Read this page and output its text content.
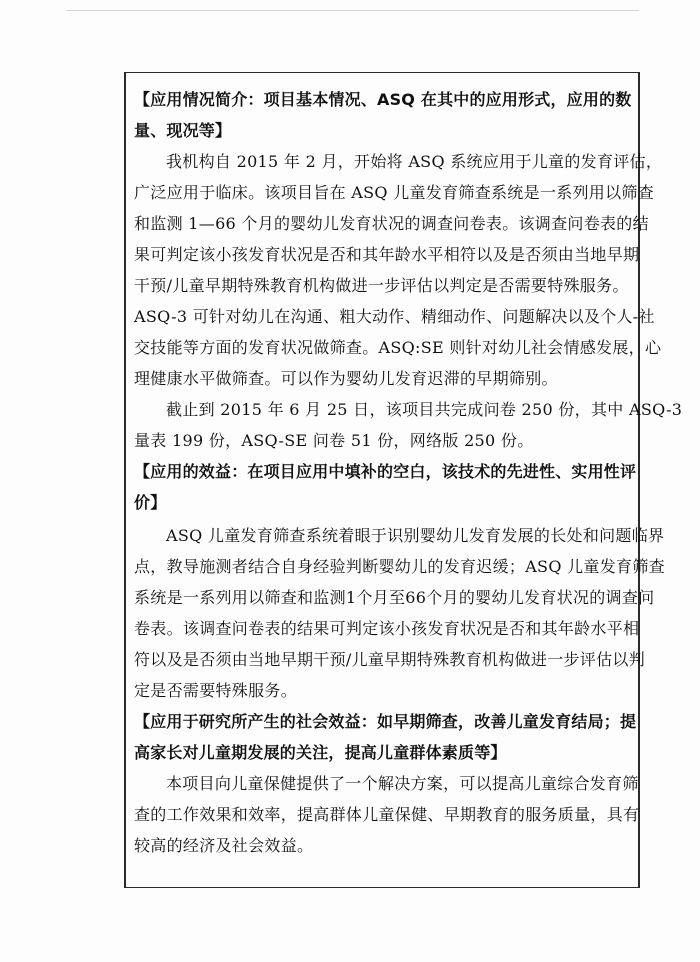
【应用情况简介：项目基本情况、ASQ 在其中的应用形式，应用的数
量、现况等】
我机构自 2015 年 2 月，开始将 ASQ 系统应用于儿童的发育评估，
广泛应用于临床。该项目旨在 ASQ 儿童发育筛查系统是一系列用以筛查
和监测 1—66 个月的婴幼儿发育状况的调查问卷表。该调查问卷表的结
果可判定该小孩发育状况是否和其年龄水平相符以及是否须由当地早期
干预/儿童早期特殊教育机构做进一步评估以判定是否需要特殊服务。
ASQ-3 可针对幼儿在沟通、粗大动作、精细动作、问题解决以及个人-社
交技能等方面的发育状况做筛查。ASQ:SE 则针对幼儿社会情感发展，心
理健康水平做筛查。可以作为婴幼儿发育迟滞的早期筛别。
截止到 2015 年 6 月 25 日，该项目共完成问卷 250 份，其中 ASQ-3
量表 199 份，ASQ-SE 问卷 51 份，网络版 250 份。
【应用的效益：在项目应用中填补的空白，该技术的先进性、实用性评
价】
ASQ 儿童发育筛查系统着眼于识别婴幼儿发育发展的长处和问题临界
点，教导施测者结合自身经验判断婴幼儿的发育迟缓；ASQ 儿童发育筛查
系统是一系列用以筛查和监测1个月至66个月的婴幼儿发育状况的调查问
卷表。该调查问卷表的结果可判定该小孩发育状况是否和其年龄水平相
符以及是否须由当地早期干预/儿童早期特殊教育机构做进一步评估以判
定是否需要特殊服务。
【应用于研究所产生的社会效益：如早期筛查，改善儿童发育结局；提
高家长对儿童期发展的关注，提高儿童群体素质等】
本项目向儿童保健提供了一个解决方案，可以提高儿童综合发育筛
查的工作效果和效率，提高群体儿童保健、早期教育的服务质量，具有
较高的经济及社会效益。
